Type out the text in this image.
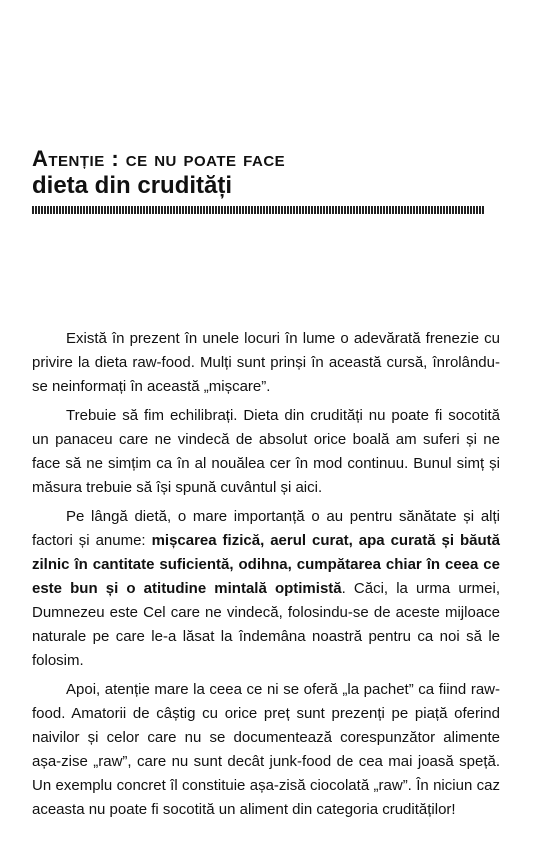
Atenție : ce nu poate face
dieta din crudități

Există în prezent în unele locuri în lume o adevărată frenezie cu privire la dieta raw-food. Mulți sunt prinși în această cursă, înrolându-se neinformați în această „mișcare”.

Trebuie să fim echilibrați. Dieta din crudități nu poate fi socotită un panaceu care ne vindecă de absolut orice boală am suferi și ne face să ne simțim ca în al nouălea cer în mod continuu. Bunul simț și măsura trebuie să își spună cuvântul și aici.

Pe lângă dietă, o mare importanță o au pentru sănătate și alți factori și anume: mișcarea fizică, aerul curat, apa curată și băută zilnic în cantitate suficientă, odihna, cumpătarea chiar în ceea ce este bun și o atitudine mintală optimistă. Căci, la urma urmei, Dumnezeu este Cel care ne vindecă, folosindu-se de aceste mijloace naturale pe care le-a lăsat la îndemâna noastră pentru ca noi să le folosim.

Apoi, atenție mare la ceea ce ni se oferă „la pachet” ca fiind raw-food. Amatorii de câștig cu orice preț sunt prezenți pe piață oferind naivilor și celor care nu se documentează corespunzător alimente așa-zise „raw”, care nu sunt decât junk-food de cea mai joasă speță. Un exemplu concret îl constituie așa-zisă ciocolată „raw”. În niciun caz aceasta nu poate fi socotită un aliment din categoria crudităților!
